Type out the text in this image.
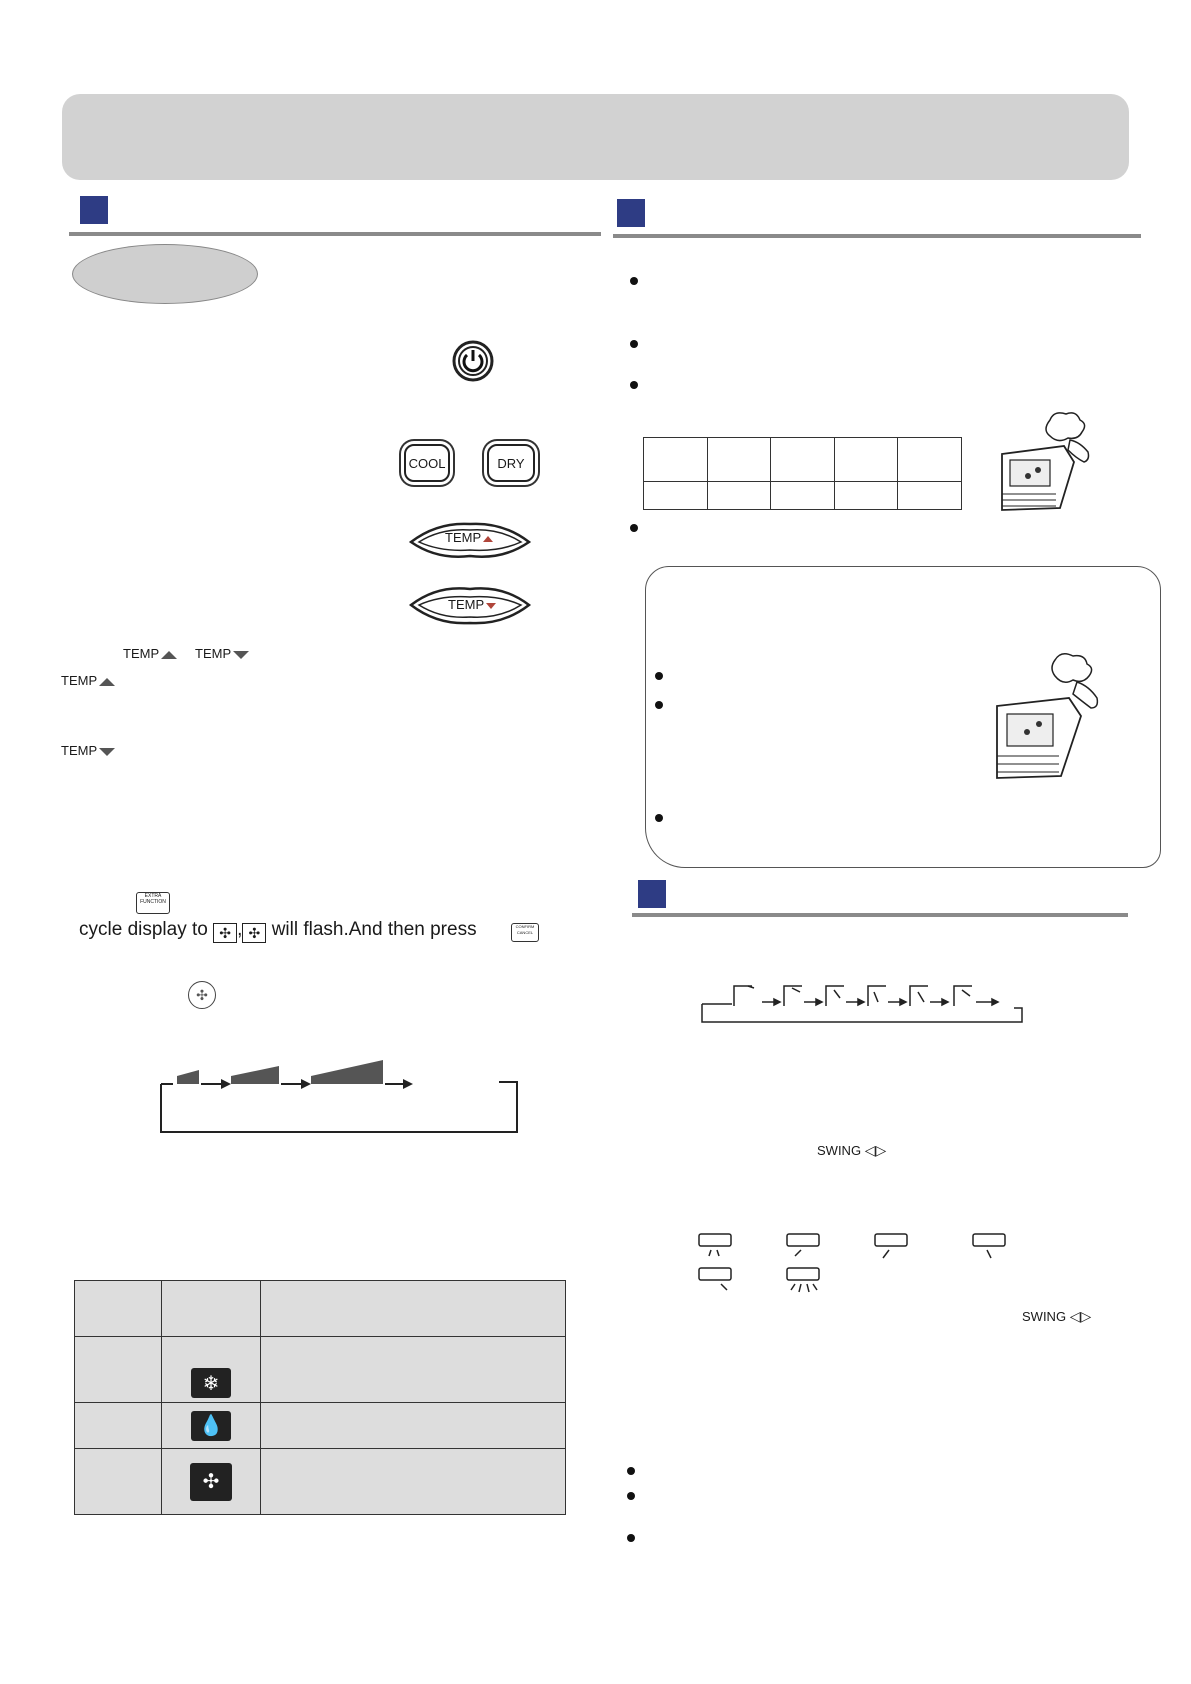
COOL	DRY
TEMP
TEMP
TEMP	TEMP
TEMP
TEMP
EXTRA FUNCTION
cycle display to ✣ , ✣ will flash.And then press	CONFIRM CANCEL
✣

❄	

💧	

✣	

SWING ◁▷
SWING ◁▷
